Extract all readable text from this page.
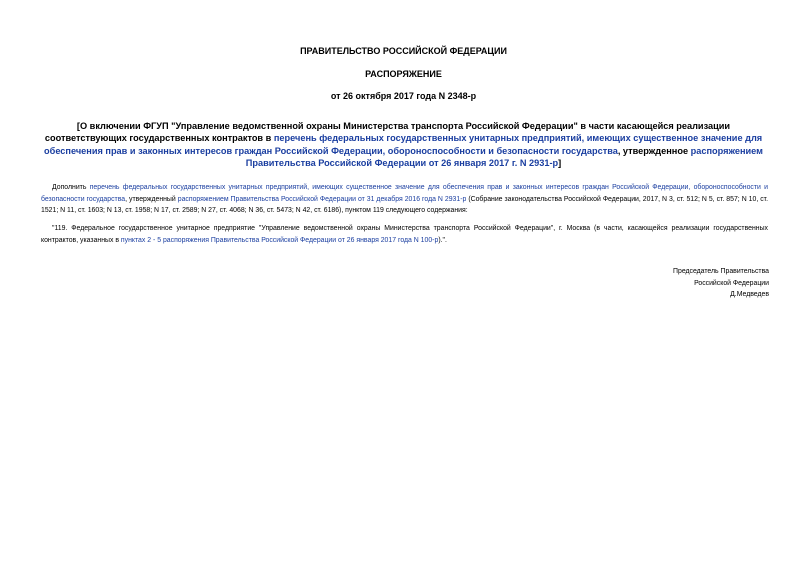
ПРАВИТЕЛЬСТВО РОССИЙСКОЙ ФЕДЕРАЦИИ
РАСПОРЯЖЕНИЕ
от 26 октября 2017 года N 2348-р
[О включении ФГУП "Управление ведомственной охраны Министерства транспорта Российской Федерации" в части касающейся реализации соответствующих государственных контрактов в перечень федеральных государственных унитарных предприятий, имеющих существенное значение для обеспечения прав и законных интересов граждан Российской Федерации, обороноспособности и безопасности государства, утвержденное распоряжением Правительства Российской Федерации от 26 января 2017 г. N 2931-р]
Дополнить перечень федеральных государственных унитарных предприятий, имеющих существенное значение для обеспечения прав и законных интересов граждан Российской Федерации, обороноспособности и безопасности государства, утвержденный распоряжением Правительства Российской Федерации от 31 декабря 2016 года N 2931-р (Собрание законодательства Российской Федерации, 2017, N 3, ст. 512; N 5, ст. 857; N 10, ст. 1521; N 11, ст. 1603; N 13, ст. 1958; N 17, ст. 2589; N 27, ст. 4068; N 36, ст. 5473; N 42, ст. 6186), пунктом 119 следующего содержания:
"119. Федеральное государственное унитарное предприятие "Управление ведомственной охраны Министерства транспорта Российской Федерации", г. Москва (в части, касающейся реализации государственных контрактов, указанных в пунктах 2 - 5 распоряжения Правительства Российской Федерации от 26 января 2017 года N 100-р).".
Председатель Правительства
Российской Федерации
Д.Медведев
